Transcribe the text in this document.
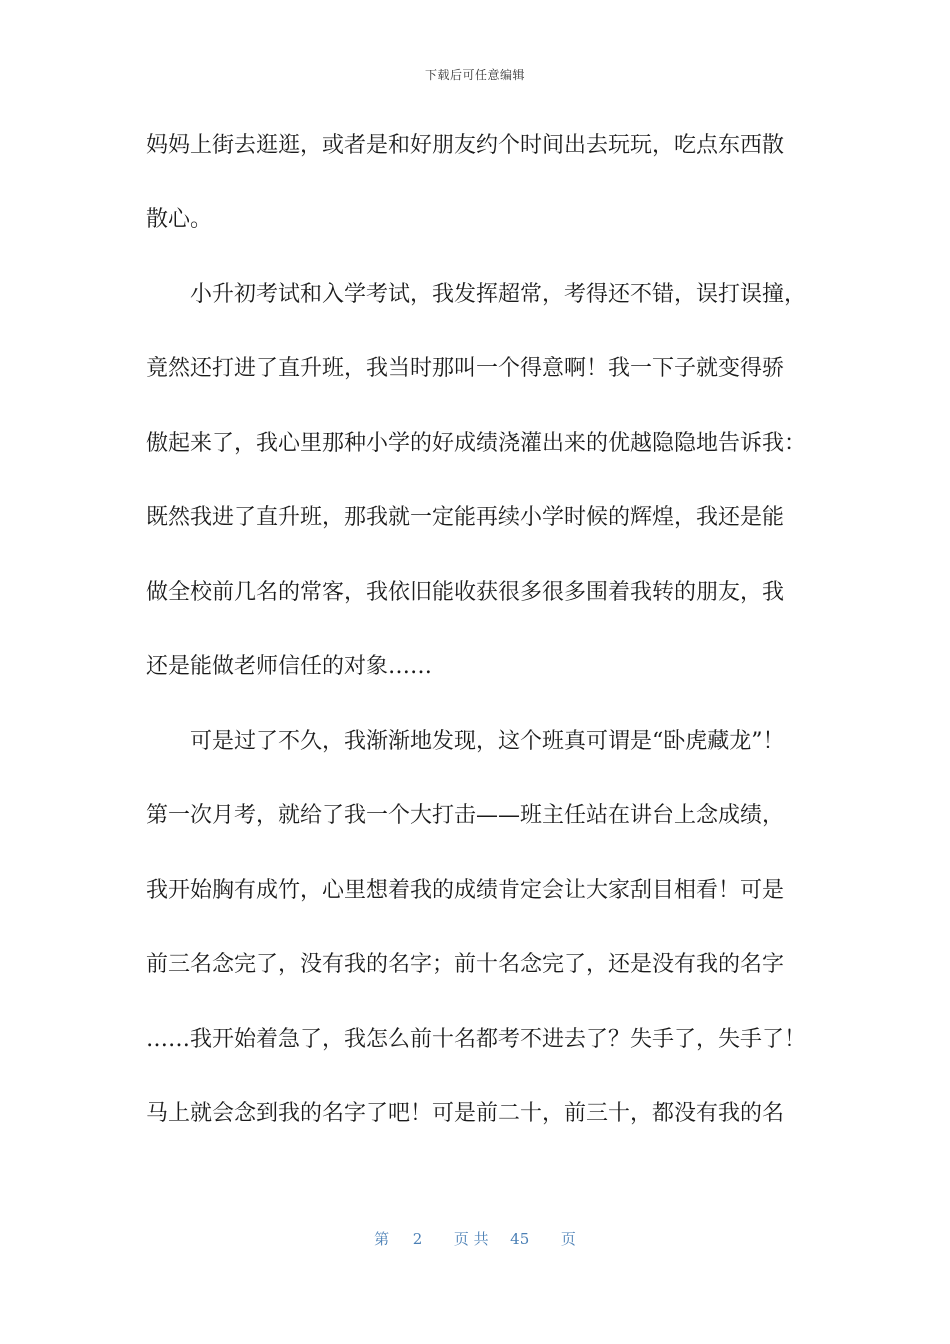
下载后可任意编辑
妈妈上街去逛逛，或者是和好朋友约个时间出去玩玩，吃点东西散
散心。
　　小升初考试和入学考试，我发挥超常，考得还不错，误打误撞，
竟然还打进了直升班，我当时那叫一个得意啊！我一下子就变得骄
傲起来了，我心里那种小学的好成绩浇灌出来的优越隐隐地告诉我：
既然我进了直升班，那我就一定能再续小学时候的辉煌，我还是能
做全校前几名的常客，我依旧能收获很多很多围着我转的朋友，我
还是能做老师信任的对象……
　　可是过了不久，我渐渐地发现，这个班真可谓是“卧虎藏龙”！
第一次月考，就给了我一个大打击——班主任站在讲台上念成绩，
我开始胸有成竹，心里想着我的成绩肯定会让大家刮目相看！可是
前三名念完了，没有我的名字；前十名念完了，还是没有我的名字
……我开始着急了，我怎么前十名都考不进去了？失手了，失手了！
马上就会念到我的名字了吧！可是前二十，前三十，都没有我的名
第 2 页 共 45 页
